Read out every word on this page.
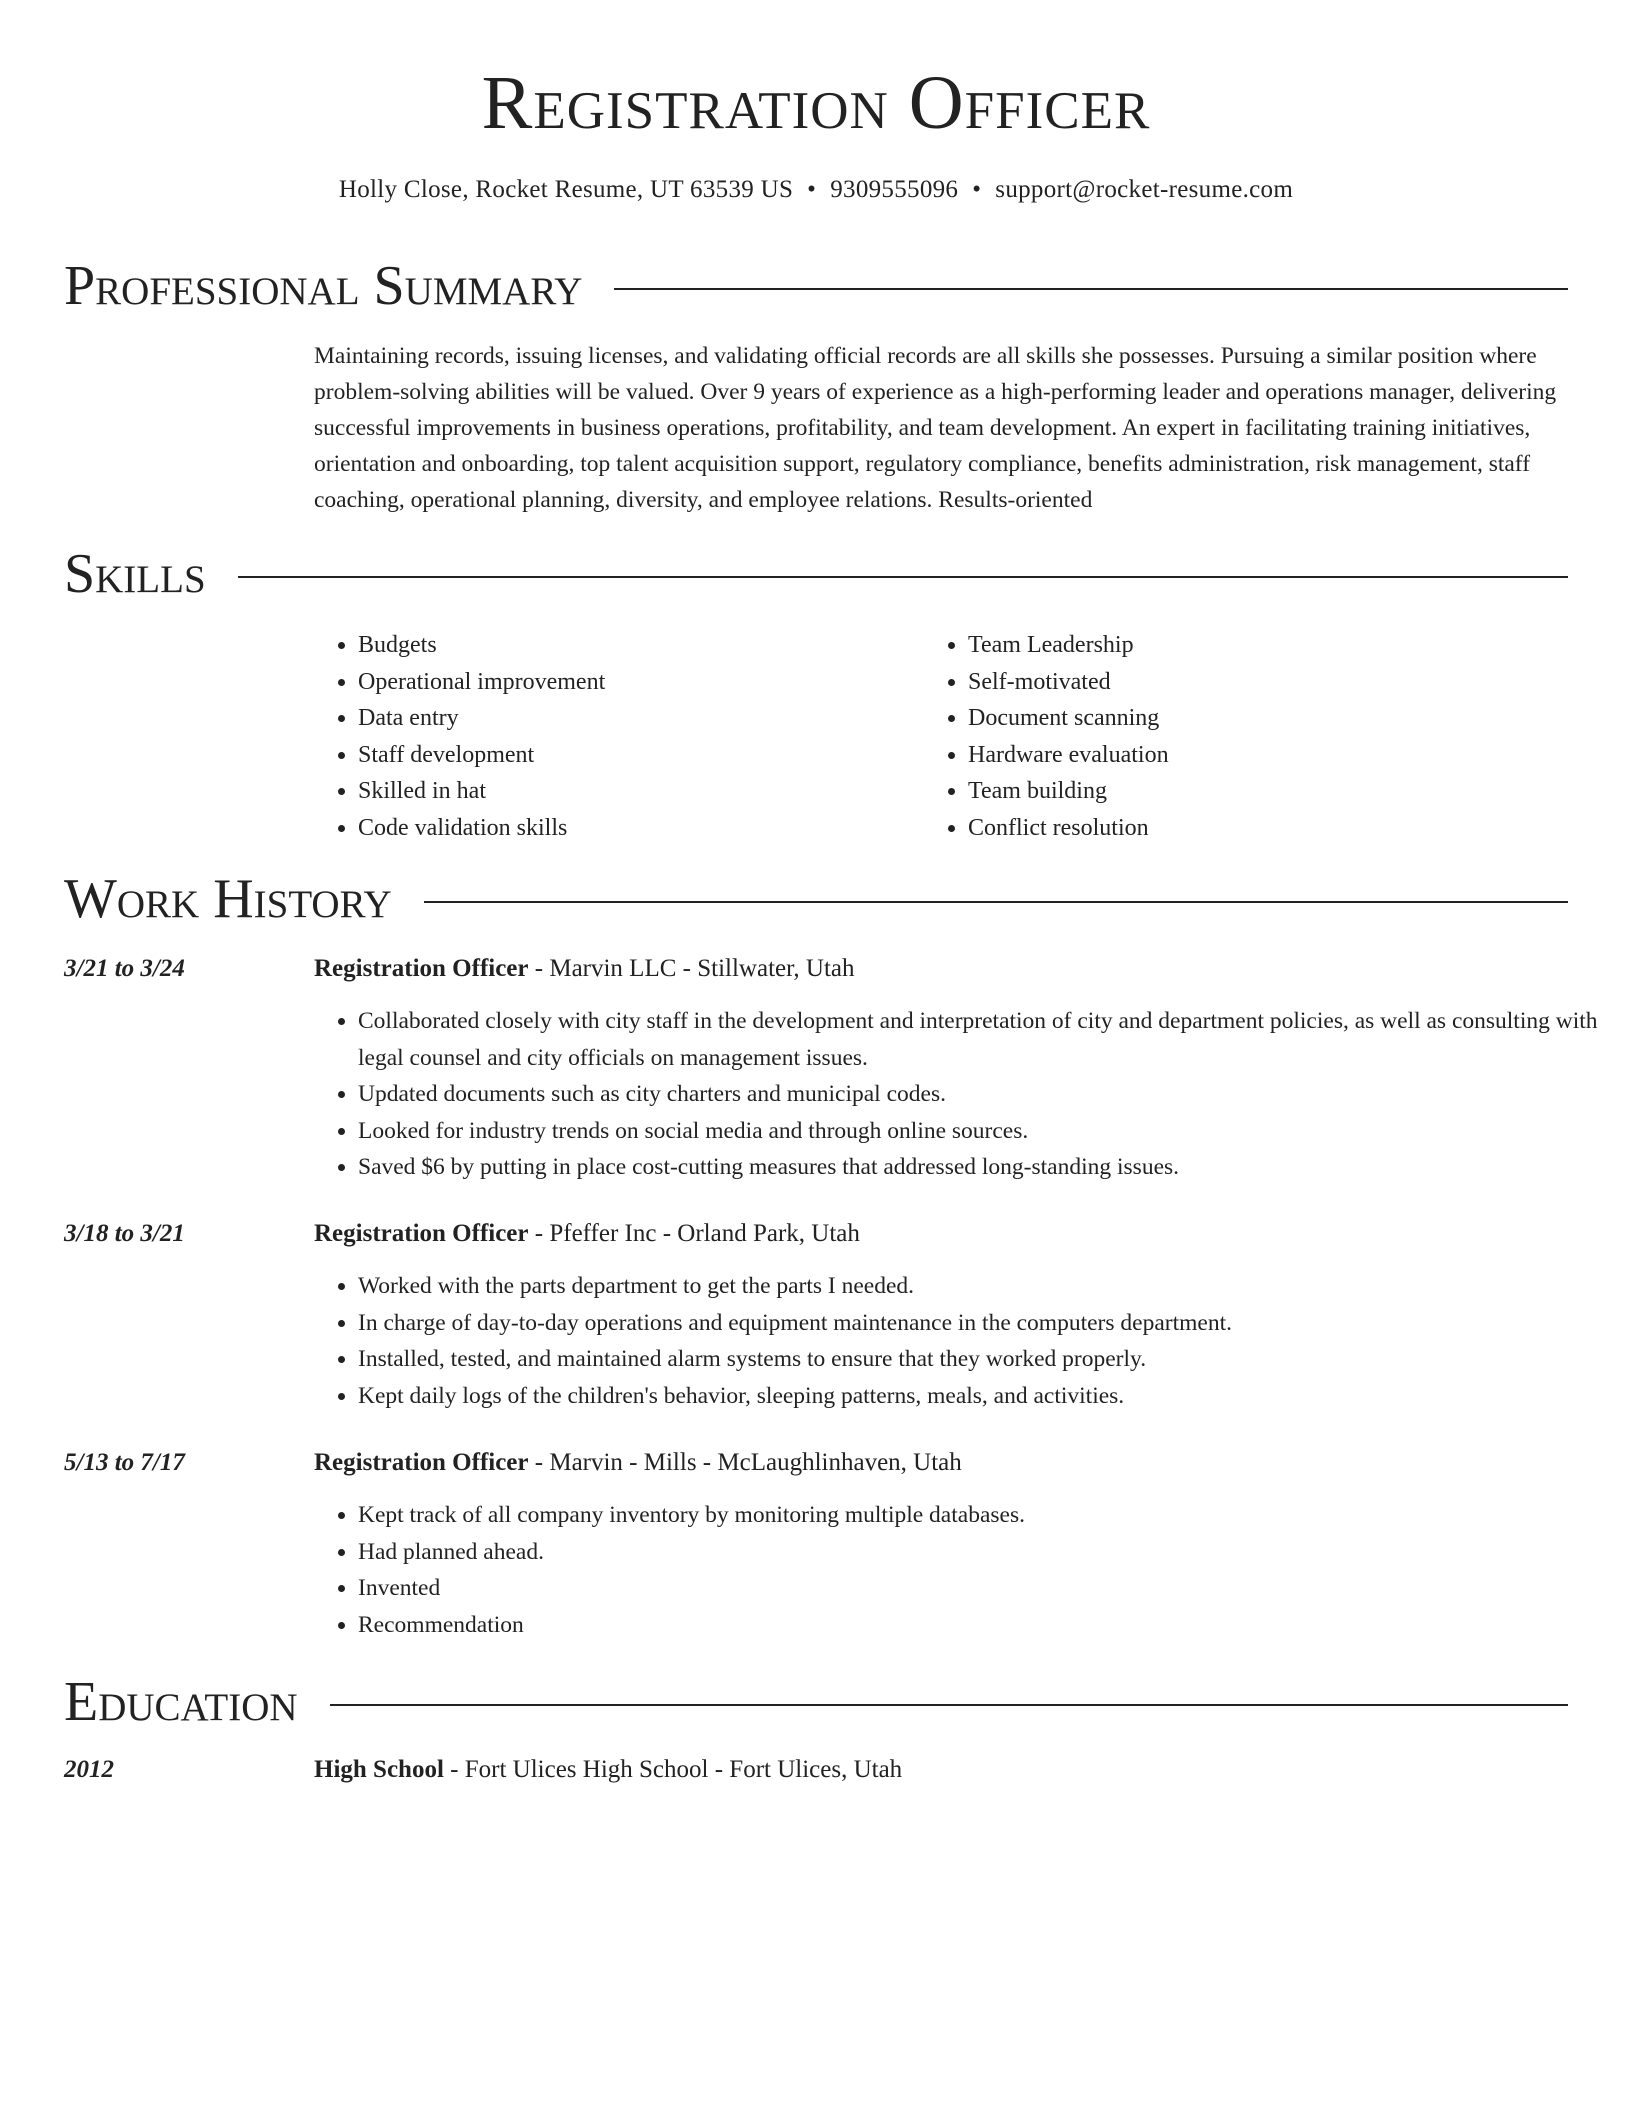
Registration Officer
Holly Close, Rocket Resume, UT 63539 US • 9309555096 • support@rocket-resume.com
Professional Summary

Maintaining records, issuing licenses, and validating official records are all skills she possesses. Pursuing a similar position where problem-solving abilities will be valued. Over 9 years of experience as a high-performing leader and operations manager, delivering successful improvements in business operations, profitability, and team development. An expert in facilitating training initiatives, orientation and onboarding, top talent acquisition support, regulatory compliance, benefits administration, risk management, staff coaching, operational planning, diversity, and employee relations. Results-oriented

Skills
• Budgets
• Operational improvement
• Data entry
• Staff development
• Skilled in hat
• Code validation skills
• Team Leadership
• Self-motivated
• Document scanning
• Hardware evaluation
• Team building
• Conflict resolution
Work History
3/21 to 3/24	Registration Officer - Marvin LLC - Stillwater, Utah
• Collaborated closely with city staff in the development and interpretation of city and department policies, as well as consulting with legal counsel and city officials on management issues.
• Updated documents such as city charters and municipal codes.
• Looked for industry trends on social media and through online sources.
• Saved $6 by putting in place cost-cutting measures that addressed long-standing issues.
3/18 to 3/21	Registration Officer - Pfeffer Inc - Orland Park, Utah
• Worked with the parts department to get the parts I needed.
• In charge of day-to-day operations and equipment maintenance in the computers department.
• Installed, tested, and maintained alarm systems to ensure that they worked properly.
• Kept daily logs of the children's behavior, sleeping patterns, meals, and activities.
5/13 to 7/17	Registration Officer - Marvin - Mills - McLaughlinhaven, Utah
• Kept track of all company inventory by monitoring multiple databases.
• Had planned ahead.
• Invented
• Recommendation
Education
2012	High School - Fort Ulices High School - Fort Ulices, Utah
